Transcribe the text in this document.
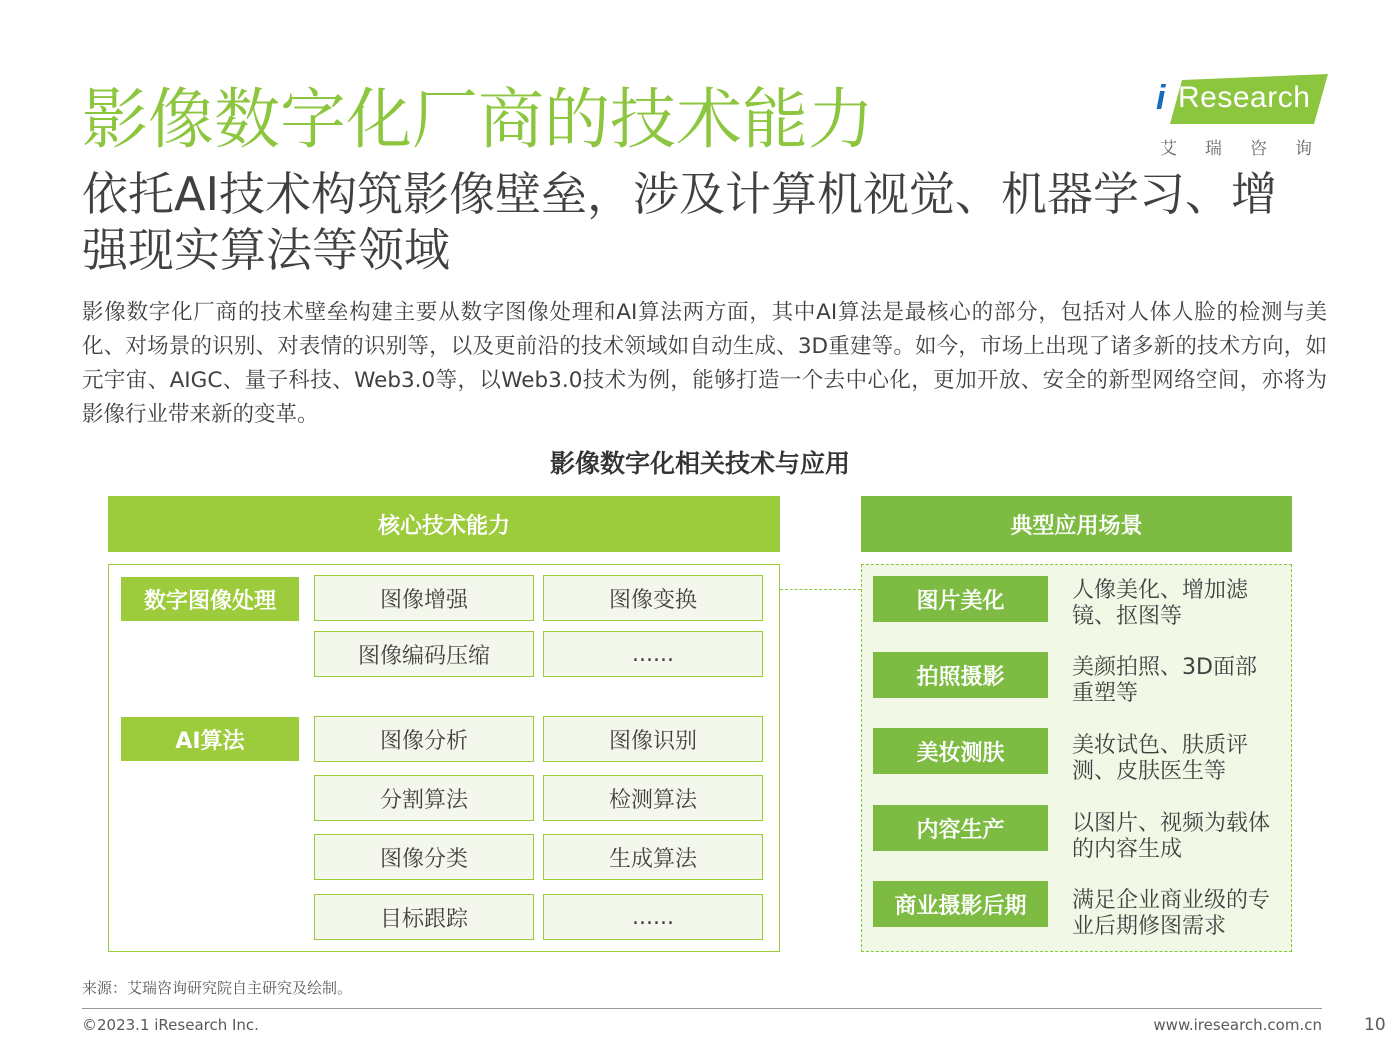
影像数字化厂商的技术能力	Research
i
艾瑞咨询
依托AI技术构筑影像壁垒，涉及计算机视觉、机器学习、增强现实算法等领域
影像数字化厂商的技术壁垒构建主要从数字图像处理和AI算法两方面，其中AI算法是最核心的部分，包括对人体人脸的检测与美化、对场景的识别、对表情的识别等，以及更前沿的技术领域如自动生成、3D重建等。如今，市场上出现了诸多新的技术方向，如元宇宙、AIGC、量子科技、Web3.0等，以Web3.0技术为例，能够打造一个去中心化，更加开放、安全的新型网络空间，亦将为影像行业带来新的变革。
影像数字化相关技术与应用
核心技术能力	典型应用场景
数字图像处理	图像增强	图像变换
图像编码压缩	......
AI算法	图像分析	图像识别
分割算法	检测算法
图像分类	生成算法
目标跟踪	......
图片美化	人像美化、增加滤镜、抠图等
拍照摄影	美颜拍照、3D面部重塑等
美妆测肤	美妆试色、肤质评测、皮肤医生等
内容生产	以图片、视频为载体的内容生成
商业摄影后期	满足企业商业级的专业后期修图需求
来源：艾瑞咨询研究院自主研究及绘制。
©2023.1 iResearch Inc.	www.iresearch.com.cn 10
